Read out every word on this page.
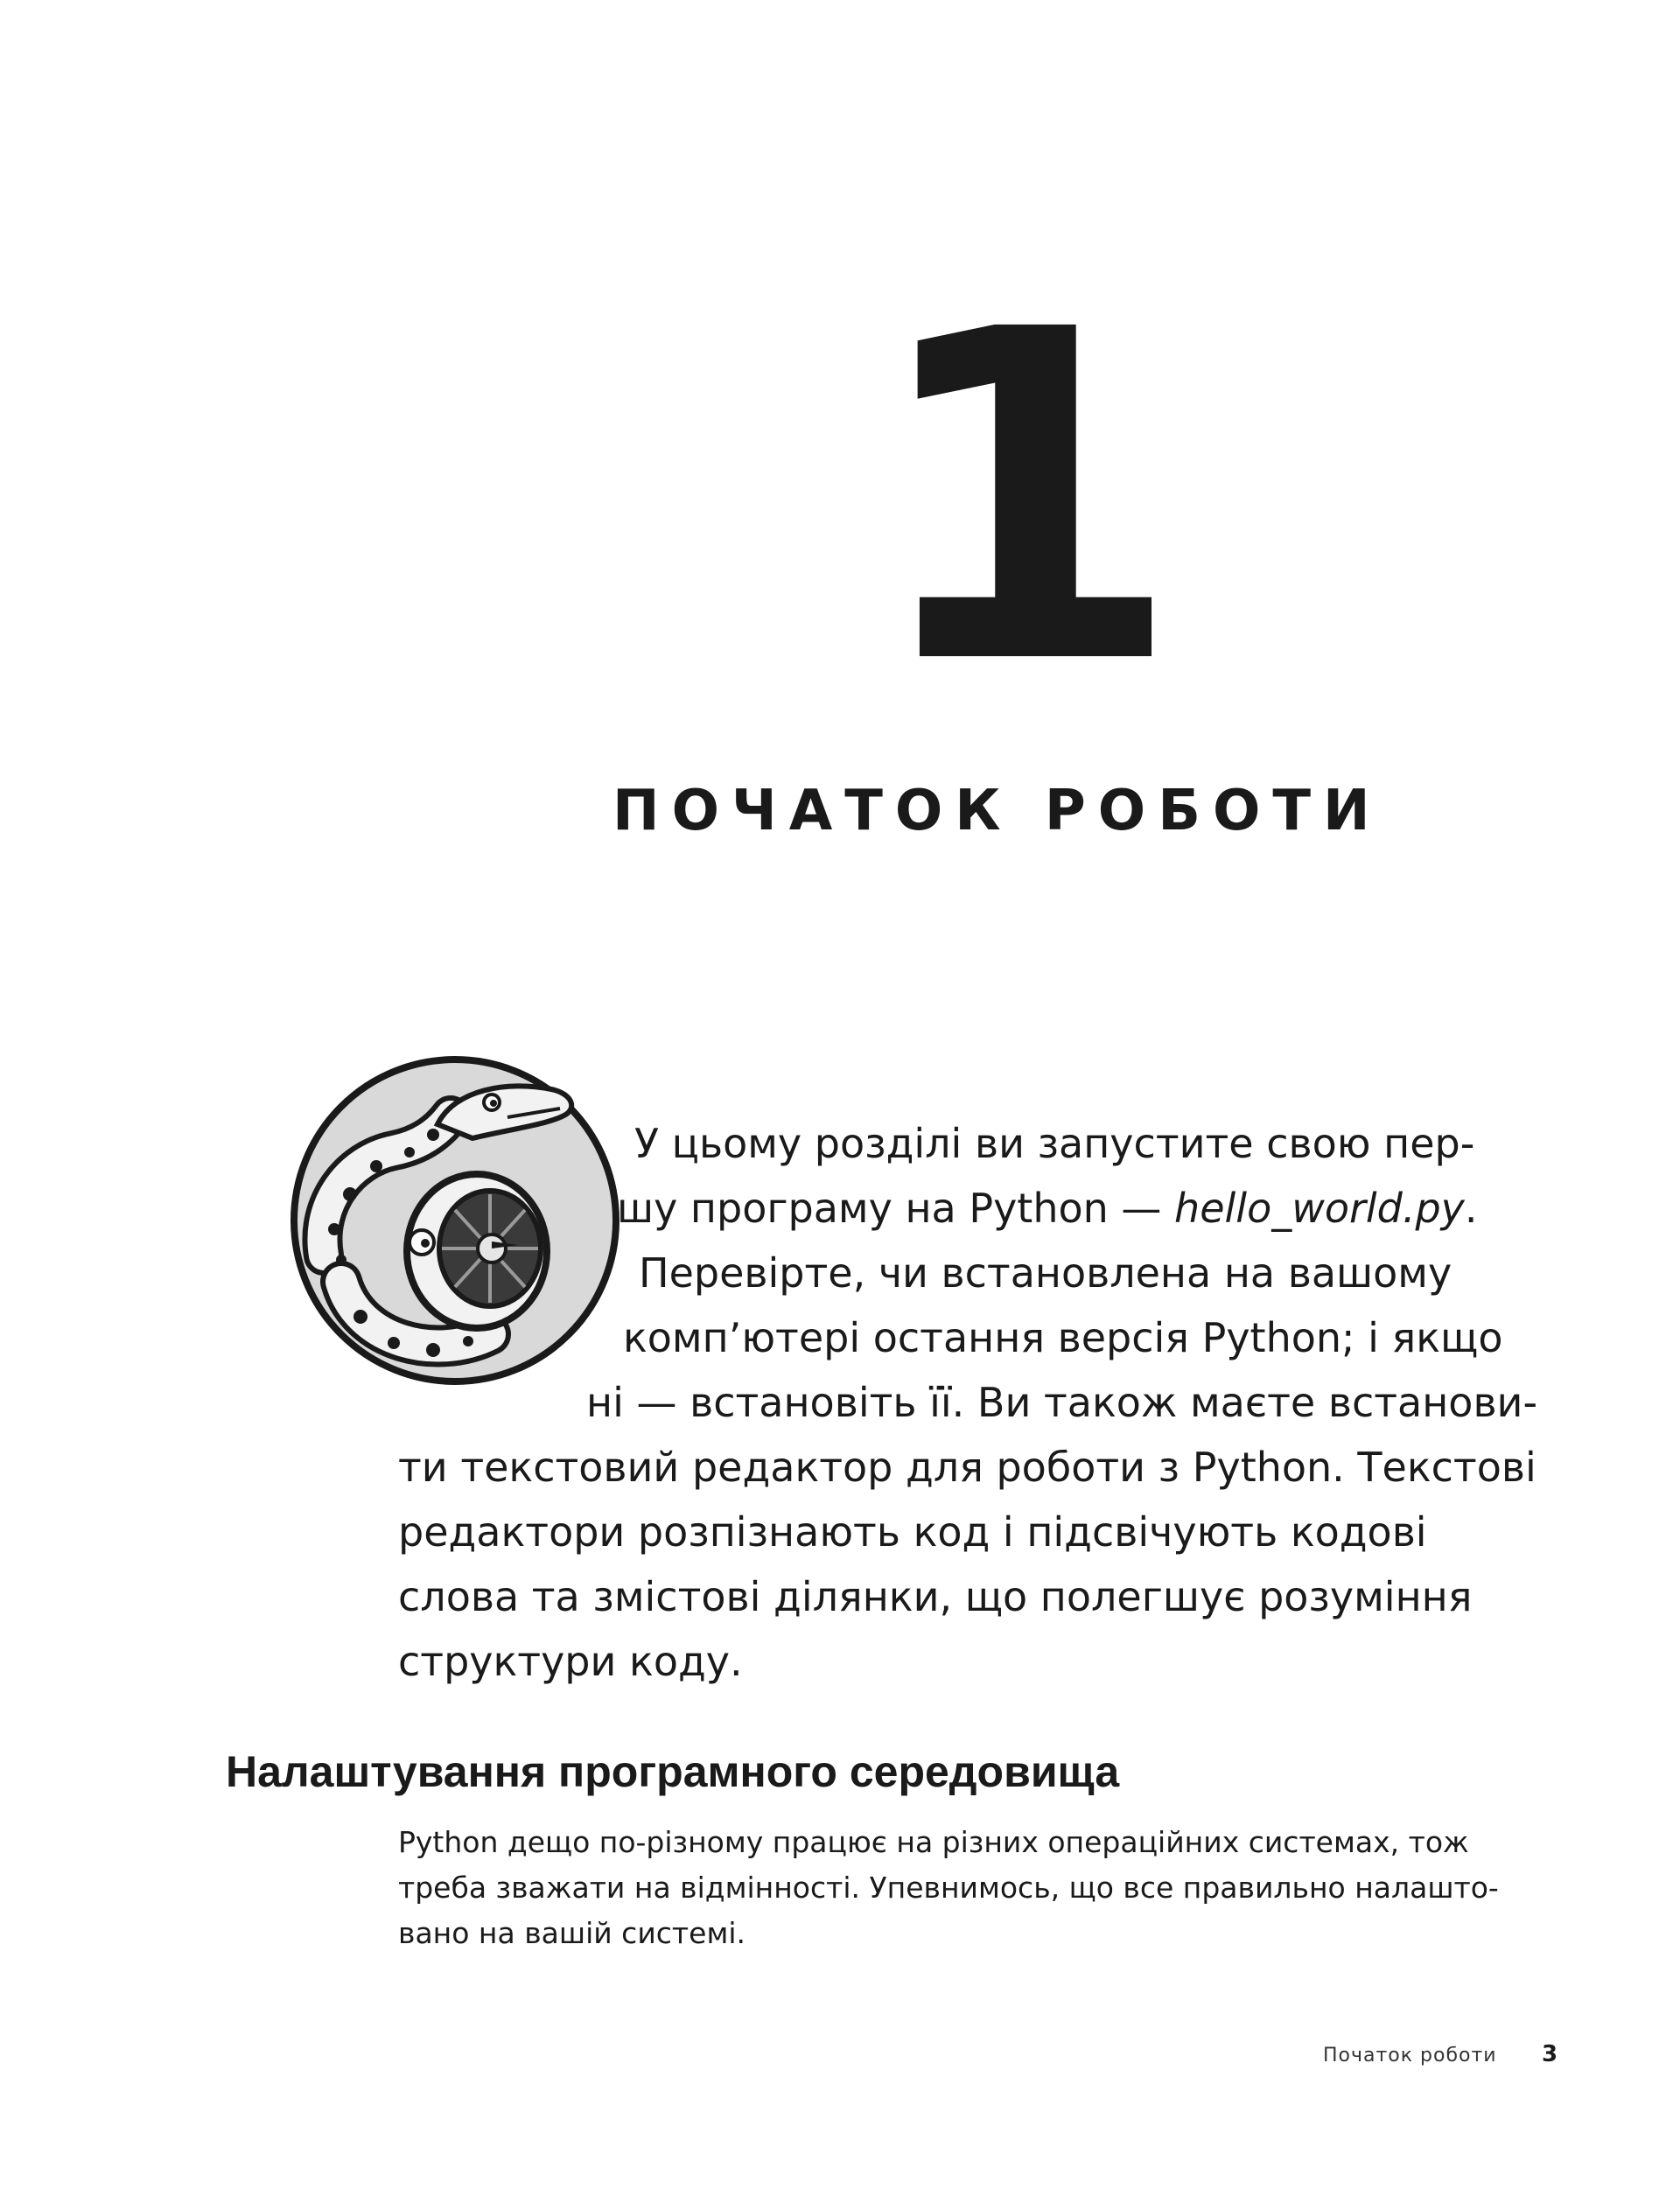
1
ПОЧАТОК РОБОТИ
У цьому розділі ви запустите свою пер-
шу програму на Python — hello_world.py.
Перевірте, чи встановлена на вашому
комп’ютері остання версія Python; і якщо
ні — встановіть її. Ви також маєте встанови-
ти текстовий редактор для роботи з Python. Текстові
редактори розпізнають код і підсвічують кодові
слова та змістові ділянки, що полегшує розуміння
структури коду.
Налаштування програмного середовища
Python дещо по-різному працює на різних операційних системах, тож
треба зважати на відмінності. Упевнимось, що все правильно налашто-
вано на вашій системі.
Початок роботи 3
